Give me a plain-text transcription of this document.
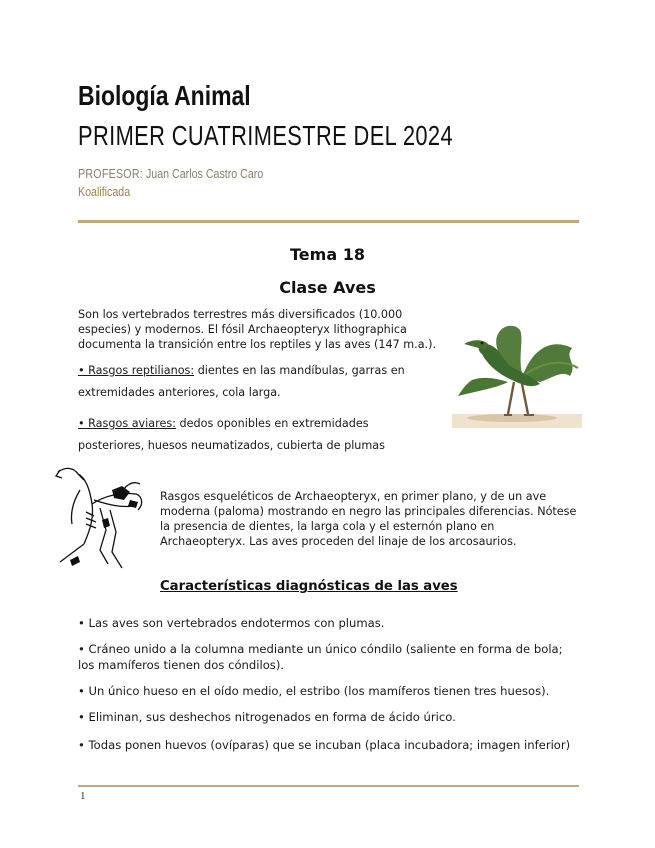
Biología Animal
PRIMER CUATRIMESTRE DEL 2024
PROFESOR: Juan Carlos Castro Caro
Koalificada
Tema 18
Clase Aves
Son los vertebrados terrestres más diversificados (10.000 especies) y modernos. El fósil Archaeopteryx lithographica documenta la transición entre los reptiles y las aves (147 m.a.).
• Rasgos reptilianos: dientes en las mandíbulas, garras en extremidades anteriores, cola larga.
• Rasgos aviares: dedos oponibles en extremidades posteriores, huesos neumatizados, cubierta de plumas
Rasgos esqueléticos de Archaeopteryx, en primer plano, y de un ave moderna (paloma) mostrando en negro las principales diferencias. Nótese la presencia de dientes, la larga cola y el esternón plano en Archaeopteryx. Las aves proceden del linaje de los arcosaurios.
Características diagnósticas de las aves
• Las aves son vertebrados endotermos con plumas.
• Cráneo unido a la columna mediante un único cóndilo (saliente en forma de bola; los mamíferos tienen dos cóndilos).
• Un único hueso en el oído medio, el estribo (los mamíferos tienen tres huesos).
• Eliminan, sus deshechos nitrogenados en forma de ácido úrico.
• Todas ponen huevos (ovíparas) que se incuban (placa incubadora; imagen inferior)
1
